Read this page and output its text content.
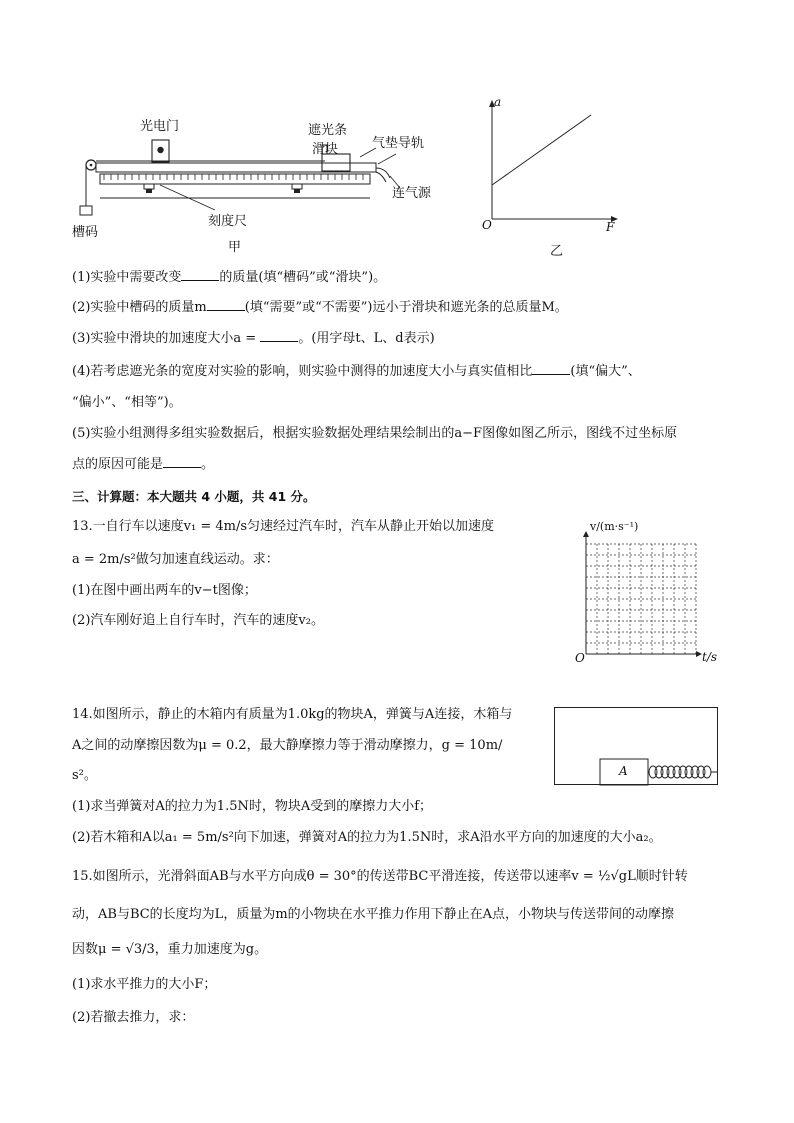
光电门	遮光条
滑块	气垫导轨
连气源
槽码
刻度尺
甲
a
F
O
乙
(1)实验中需要改变	的质量(填“槽码”或“滑块”)。
(2)实验中槽码的质量m	(填“需要”或“不需要”)远小于滑块和遮光条的总质量M。
(3)实验中滑块的加速度大小a =	。(用字母t、L、d表示)
(4)若考虑遮光条的宽度对实验的影响，则实验中测得的加速度大小与真实值相比	(填“偏大”、
“偏小”、“相等”)。
(5)实验小组测得多组实验数据后，根据实验数据处理结果绘制出的a−F图像如图乙所示，图线不过坐标原
点的原因可能是	。
三、计算题：本大题共 4 小题，共 41 分。
13.一自行车以速度v₁ = 4m/s匀速经过汽车时，汽车从静止开始以加速度
a = 2m/s²做匀加速直线运动。求：
(1)在图中画出两车的v−t图像；
(2)汽车刚好追上自行车时，汽车的速度v₂。
v/(m·s⁻¹)
t/s
O
14.如图所示，静止的木箱内有质量为1.0kg的物块A，弹簧与A连接，木箱与
A之间的动摩擦因数为μ = 0.2，最大静摩擦力等于滑动摩擦力，g = 10m/
s²。
(1)求当弹簧对A的拉力为1.5N时，物块A受到的摩擦力大小f；
(2)若木箱和A以a₁ = 5m/s²向下加速，弹簧对A的拉力为1.5N时，求A沿水平方向的加速度的大小a₂。
A
15.如图所示，光滑斜面AB与水平方向成θ = 30°的传送带BC平滑连接，传送带以速率v = ½√gL顺时针转
动，AB与BC的长度均为L，质量为m的小物块在水平推力作用下静止在A点，小物块与传送带间的动摩擦
因数μ = √3/3，重力加速度为g。
(1)求水平推力的大小F；
(2)若撤去推力，求：
